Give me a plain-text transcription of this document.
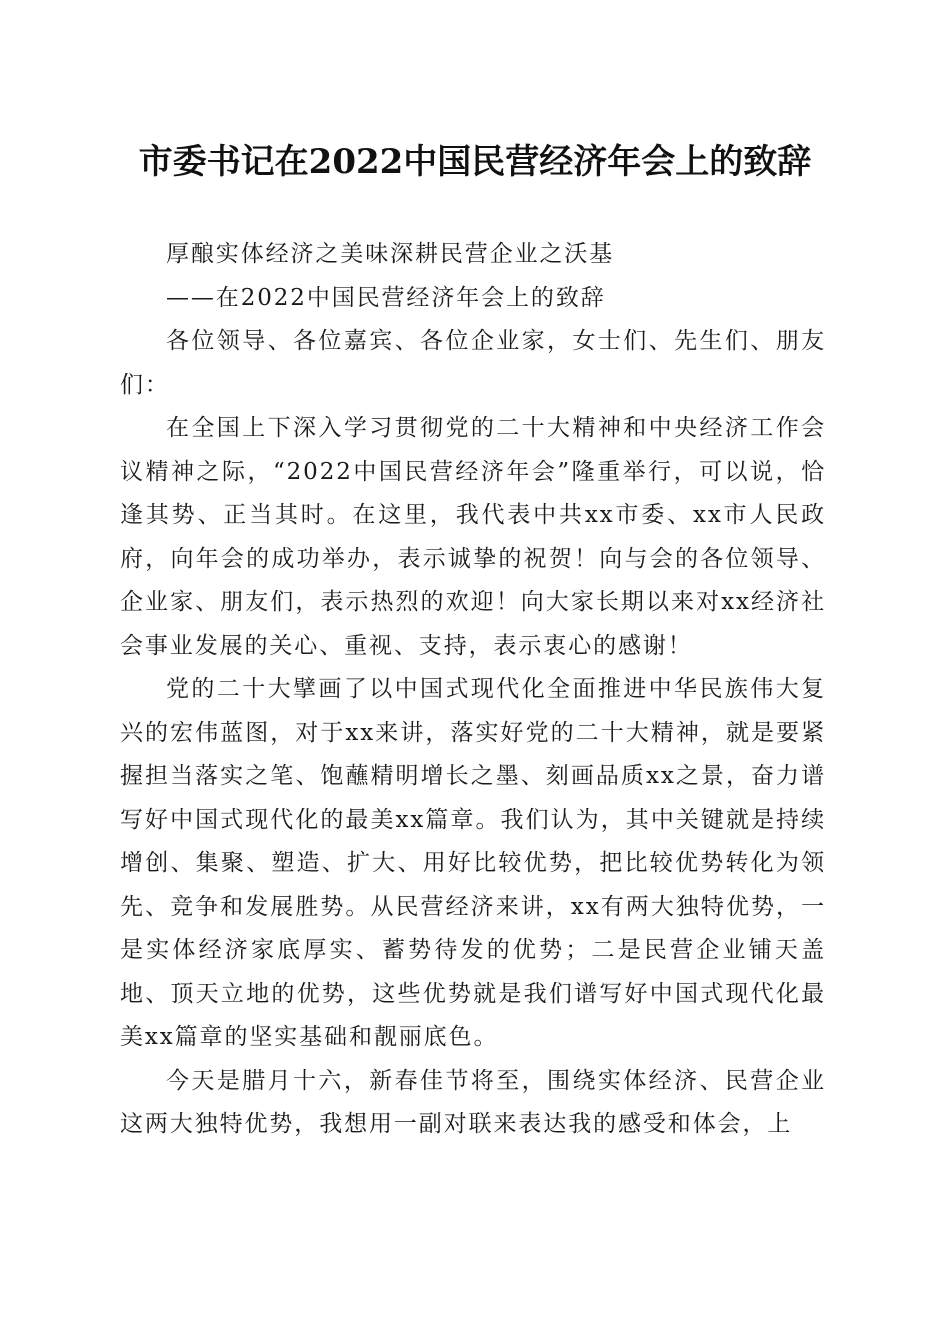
市委书记在2022中国民营经济年会上的致辞

厚酿实体经济之美味深耕民营企业之沃基

——在2022中国民营经济年会上的致辞

各位领导、各位嘉宾、各位企业家，女士们、先生们、朋友们：

在全国上下深入学习贯彻党的二十大精神和中央经济工作会议精神之际，“2022中国民营经济年会”隆重举行，可以说，恰逢其势、正当其时。在这里，我代表中共xx市委、xx市人民政府，向年会的成功举办，表示诚挚的祝贺！向与会的各位领导、企业家、朋友们，表示热烈的欢迎！向大家长期以来对xx经济社会事业发展的关心、重视、支持，表示衷心的感谢！

党的二十大擘画了以中国式现代化全面推进中华民族伟大复兴的宏伟蓝图，对于xx来讲，落实好党的二十大精神，就是要紧握担当落实之笔、饱蘸精明增长之墨、刻画品质xx之景，奋力谱写好中国式现代化的最美xx篇章。我们认为，其中关键就是持续增创、集聚、塑造、扩大、用好比较优势，把比较优势转化为领先、竞争和发展胜势。从民营经济来讲，xx有两大独特优势，一是实体经济家底厚实、蓄势待发的优势；二是民营企业铺天盖地、顶天立地的优势，这些优势就是我们谱写好中国式现代化最美xx篇章的坚实基础和靓丽底色。

今天是腊月十六，新春佳节将至，围绕实体经济、民营企业这两大独特优势，我想用一副对联来表达我的感受和体会，上
